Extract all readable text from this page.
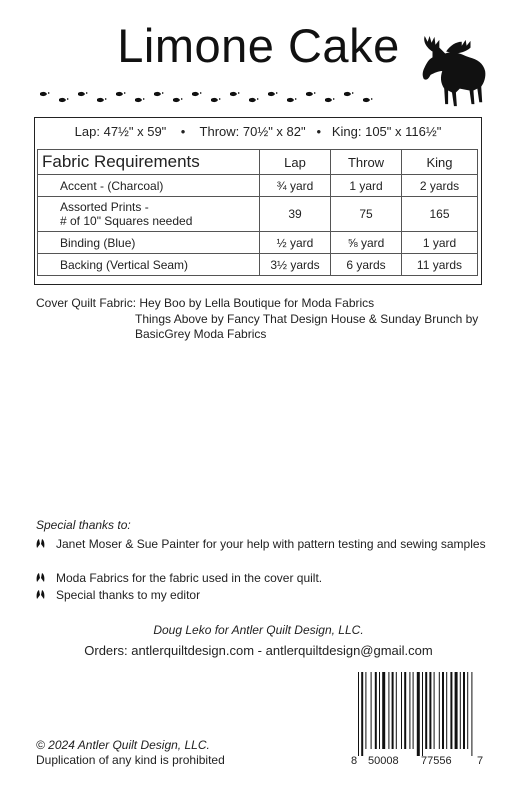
Limone Cake
Lap: 47½" x 59" • Throw: 70½" x 82" • King: 105" x 116½"
Fabric Requirements	Lap	Throw	King
Accent - (Charcoal)	¾ yard	1 yard	2 yards

Assorted Prints -
# of 10" Squares needed	39	75	165
Binding (Blue)	½ yard	⅝ yard	1 yard
Backing (Vertical Seam)	3½ yards	6 yards	11 yards
Cover Quilt Fabric: Hey Boo by Lella Boutique for Moda Fabrics
Things Above by Fancy That Design House & Sunday Brunch by BasicGrey Moda Fabrics
Special thanks to:
Janet Moser & Sue Painter for your help with pattern testing and sewing samples
Moda Fabrics for the fabric used in the cover quilt.
Special thanks to my editor
Doug Leko for Antler Quilt Design, LLC.
Orders: antlerquiltdesign.com - antlerquiltdesign@gmail.com
8 50008 77556 7
© 2024 Antler Quilt Design, LLC.
Duplication of any kind is prohibited
